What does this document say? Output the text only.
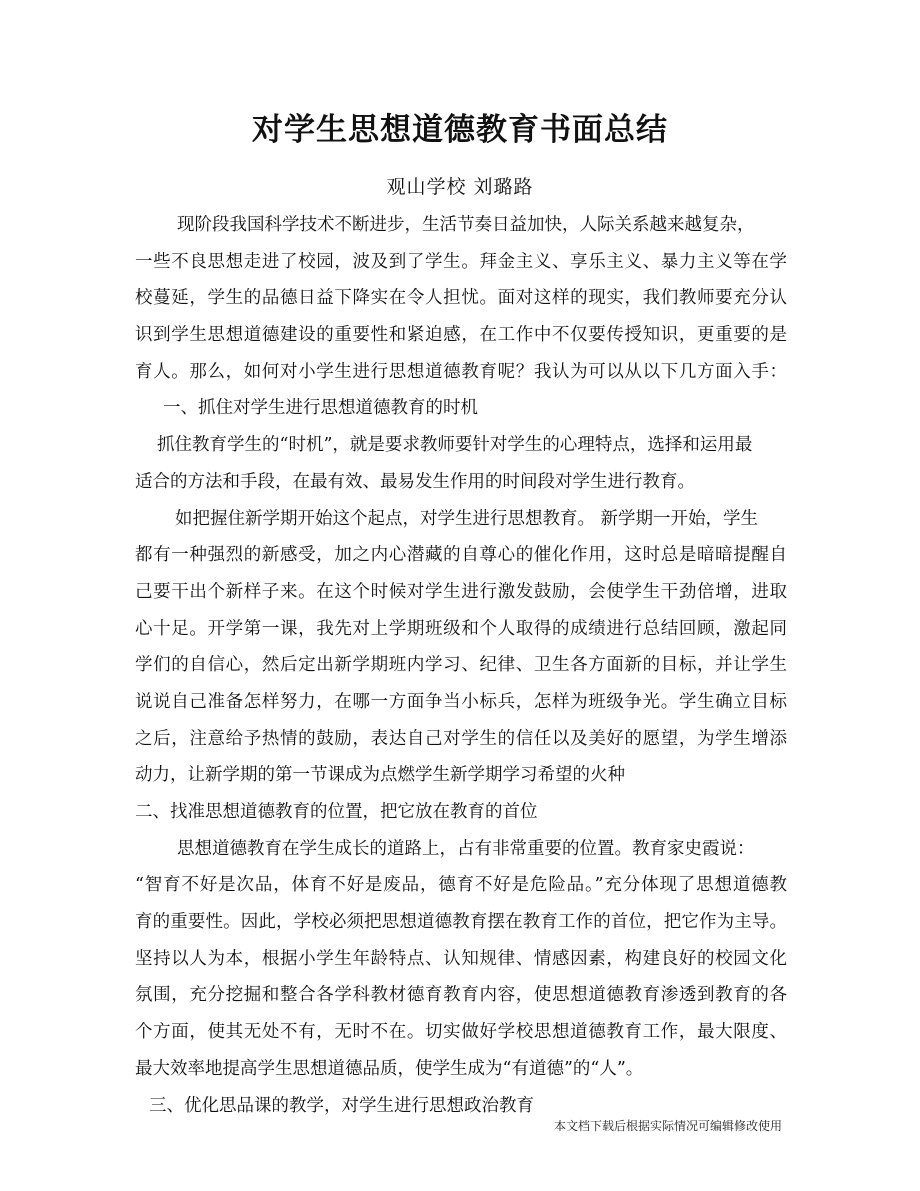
对学生思想道德教育书面总结
观山学校 刘璐路
现阶段我国科学技术不断进步，生活节奏日益加快，人际关系越来越复杂，
一些不良思想走进了校园，波及到了学生。拜金主义、享乐主义、暴力主义等在学
校蔓延，学生的品德日益下降实在令人担忧。面对这样的现实，我们教师要充分认
识到学生思想道德建设的重要性和紧迫感，在工作中不仅要传授知识，更重要的是
育人。那么，如何对小学生进行思想道德教育呢？我认为可以从以下几方面入手：
一、抓住对学生进行思想道德教育的时机
抓住教育学生的“时机”，就是要求教师要针对学生的心理特点，选择和运用最
适合的方法和手段，在最有效、最易发生作用的时间段对学生进行教育。
如把握住新学期开始这个起点，对学生进行思想教育。 新学期一开始，学生
都有一种强烈的新感受，加之内心潜藏的自尊心的催化作用，这时总是暗暗提醒自
己要干出个新样子来。在这个时候对学生进行激发鼓励，会使学生干劲倍增，进取
心十足。开学第一课，我先对上学期班级和个人取得的成绩进行总结回顾，激起同
学们的自信心，然后定出新学期班内学习、纪律、卫生各方面新的目标，并让学生
说说自己准备怎样努力，在哪一方面争当小标兵，怎样为班级争光。学生确立目标
之后，注意给予热情的鼓励，表达自己对学生的信任以及美好的愿望，为学生增添
动力，让新学期的第一节课成为点燃学生新学期学习希望的火种
二、找准思想道德教育的位置，把它放在教育的首位
思想道德教育在学生成长的道路上，占有非常重要的位置。教育家史霞说：
“智育不好是次品，体育不好是废品，德育不好是危险品。”充分体现了思想道德教
育的重要性。因此，学校必须把思想道德教育摆在教育工作的首位，把它作为主导。
坚持以人为本，根据小学生年龄特点、认知规律、情感因素，构建良好的校园文化
氛围，充分挖掘和整合各学科教材德育教育内容，使思想道德教育渗透到教育的各
个方面，使其无处不有，无时不在。切实做好学校思想道德教育工作，最大限度、
最大效率地提高学生思想道德品质，使学生成为“有道德”的“人”。
三、优化思品课的教学，对学生进行思想政治教育
本文档下载后根据实际情况可编辑修改使用
